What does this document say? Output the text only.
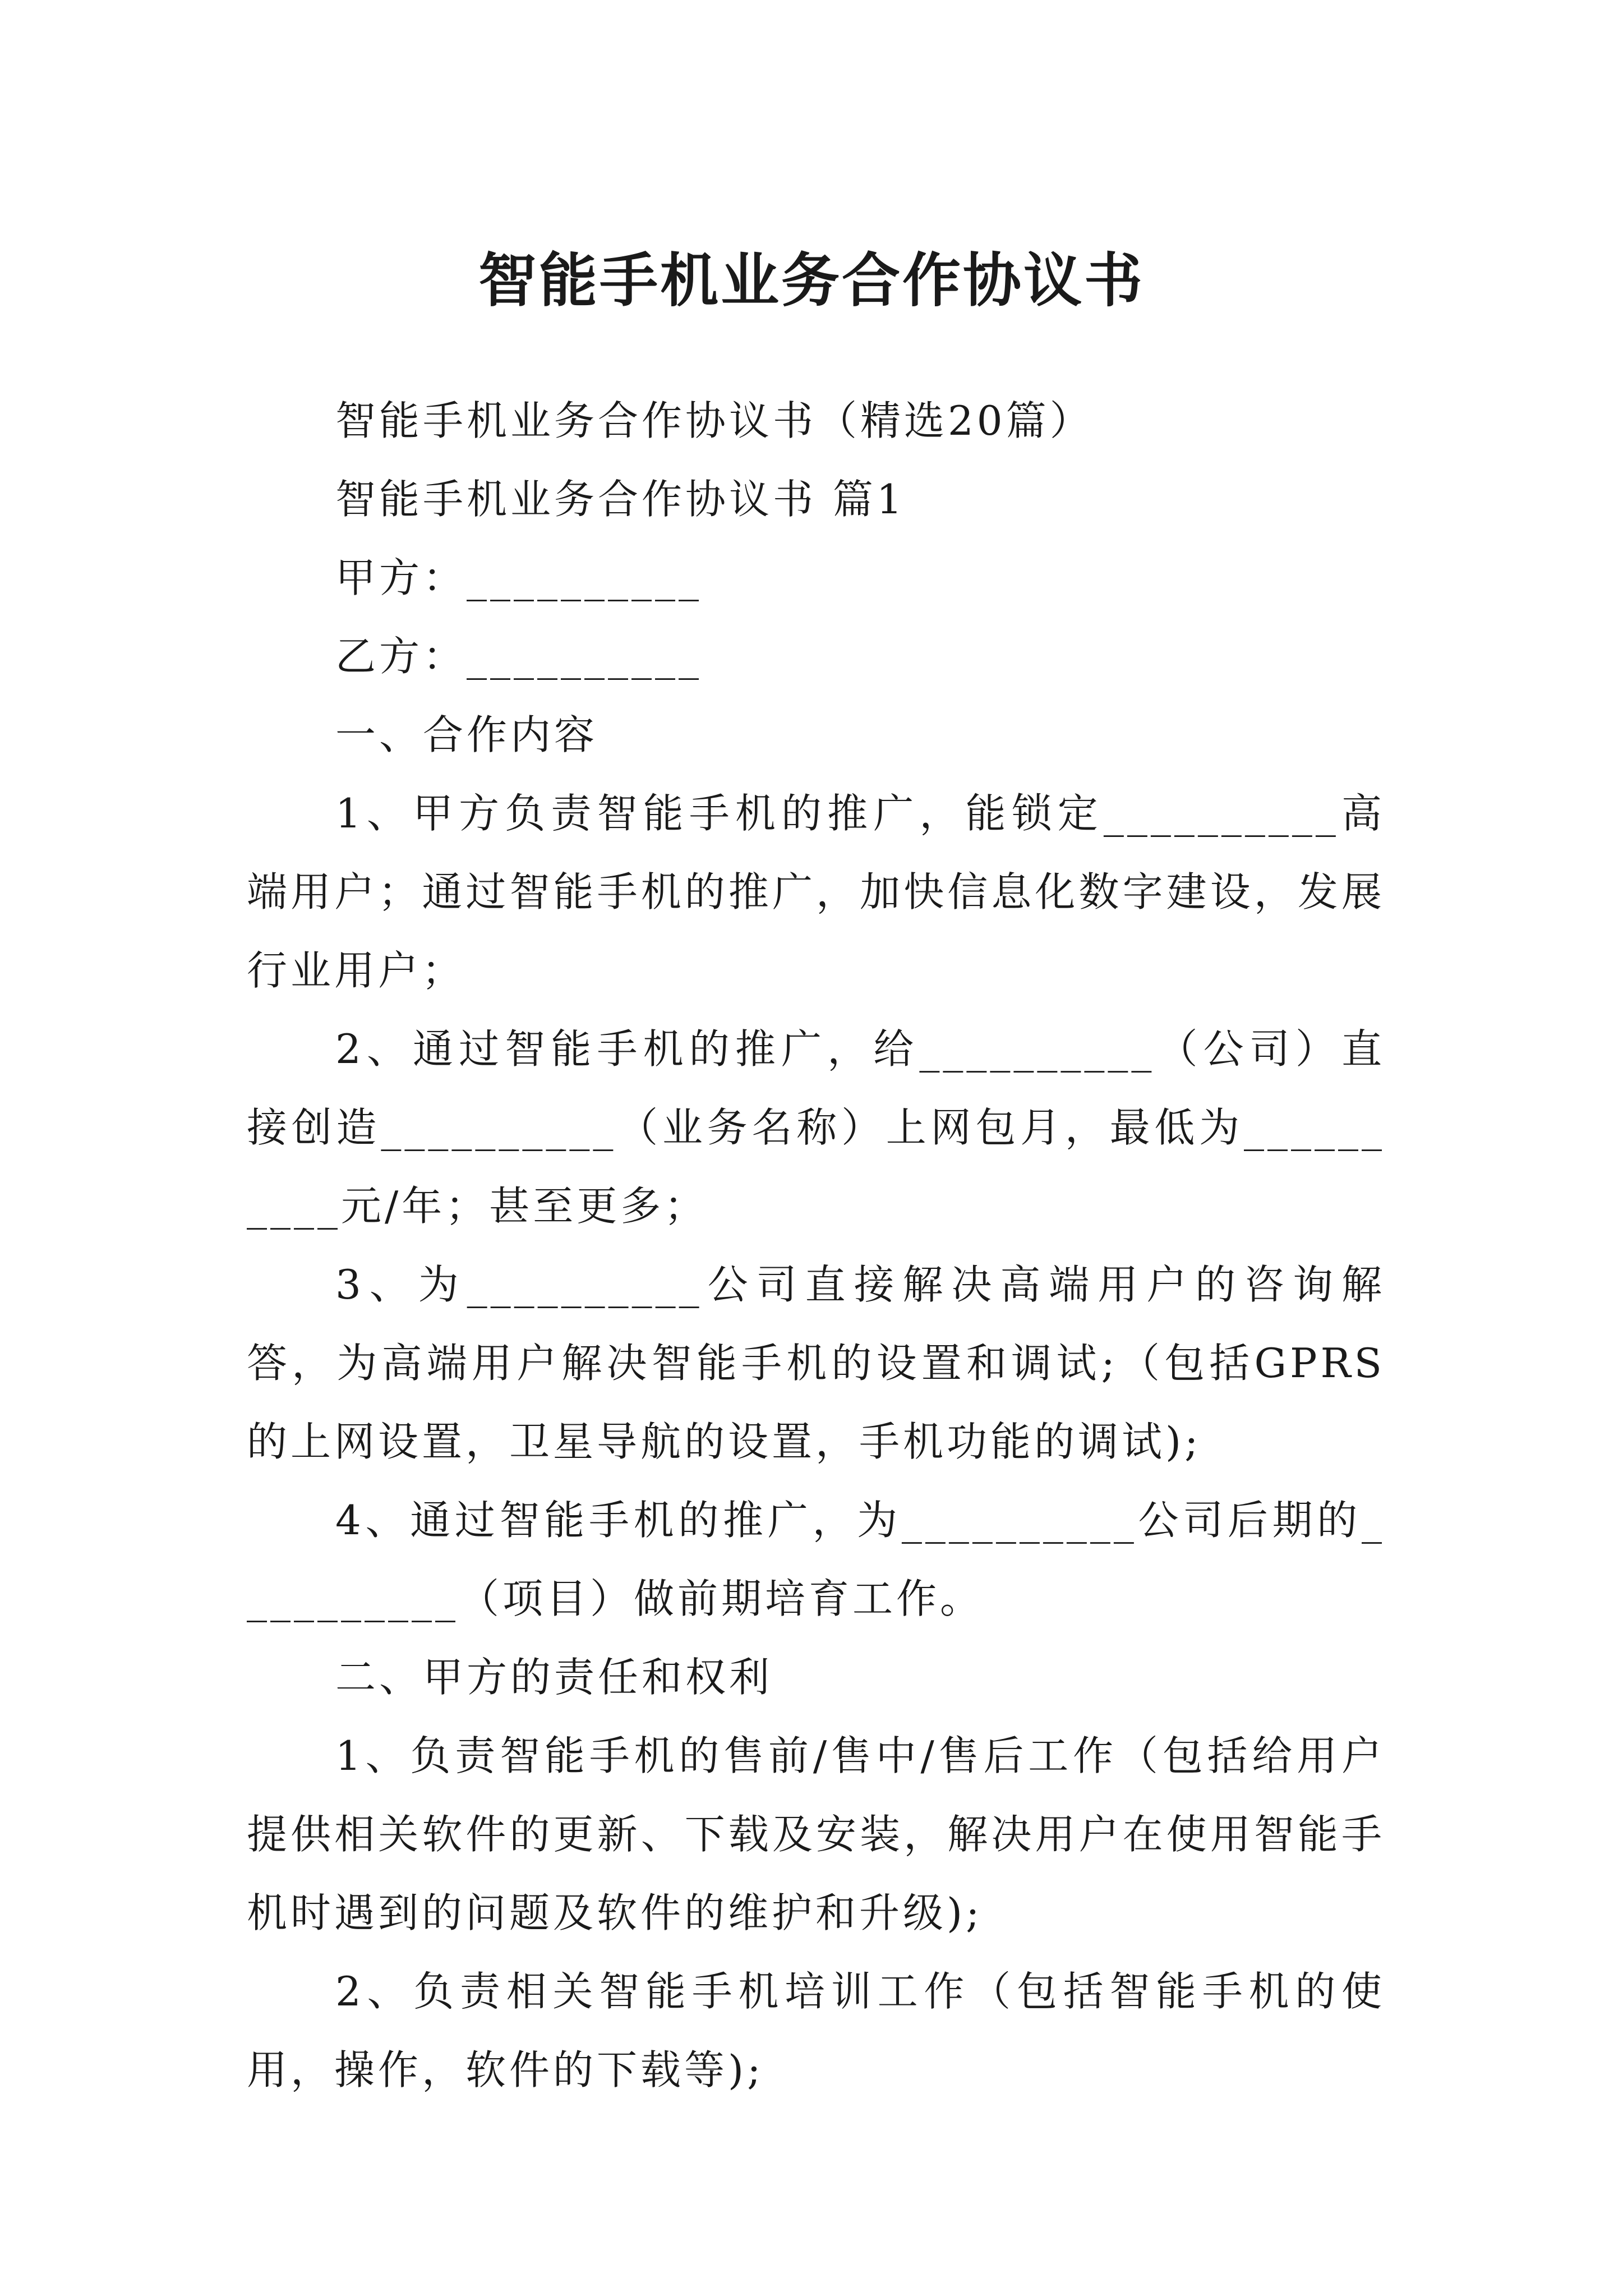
智能手机业务合作协议书

智能手机业务合作协议书（精选20篇）

智能手机业务合作协议书 篇1

甲方：__________

乙方：__________

一、合作内容

1、甲方负责智能手机的推广，能锁定__________高端用户；通过智能手机的推广，加快信息化数字建设，发展行业用户；

2、通过智能手机的推广，给__________（公司）直接创造__________（业务名称）上网包月，最低为__________元/年；甚至更多；

3、为__________公司直接解决高端用户的咨询解答，为高端用户解决智能手机的设置和调试;（包括GPRS的上网设置，卫星导航的设置，手机功能的调试);

4、通过智能手机的推广，为__________公司后期的__________（项目）做前期培育工作。

二、甲方的责任和权利

1、负责智能手机的售前/售中/售后工作（包括给用户提供相关软件的更新、下载及安装，解决用户在使用智能手机时遇到的问题及软件的维护和升级);

2、负责相关智能手机培训工作（包括智能手机的使用，操作，软件的下载等);
